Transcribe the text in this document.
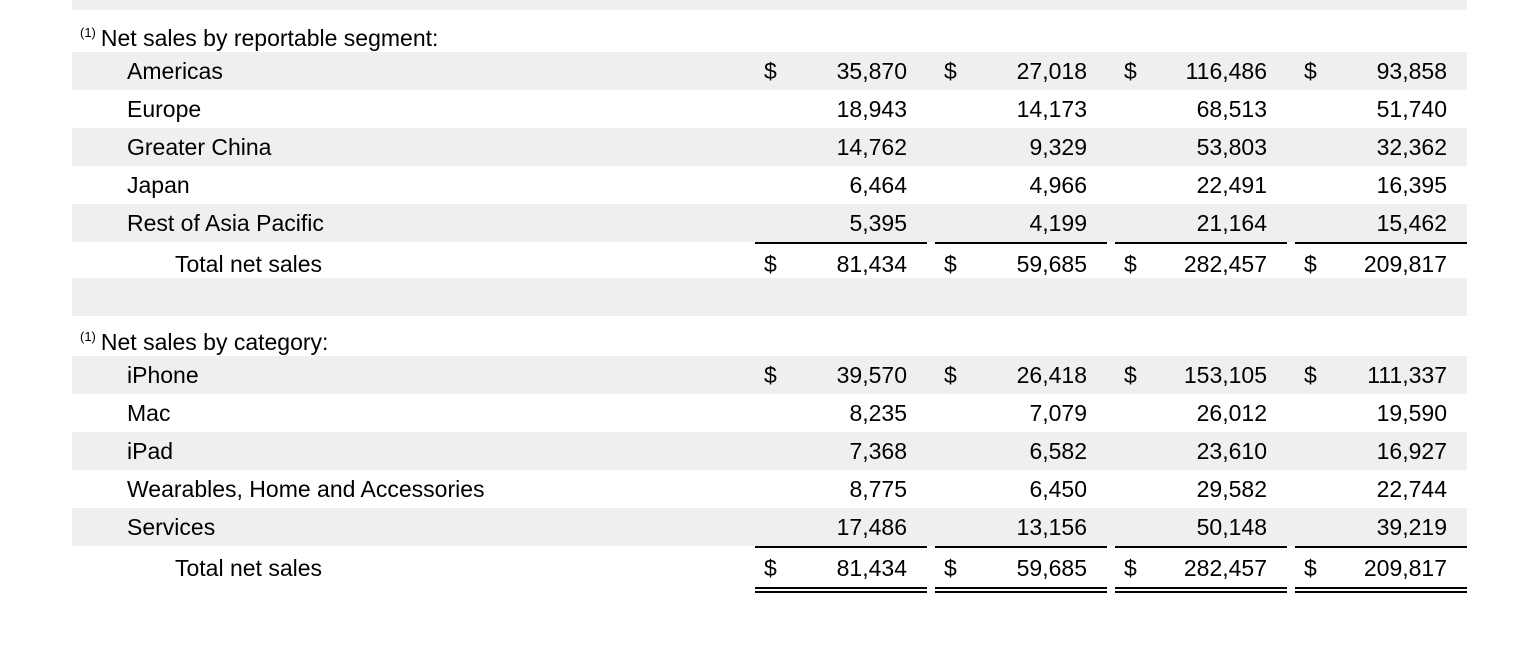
$^{(1)}$ Net sales by reportable segment:
Americas	$	35,870 $	27,018 $	116,486 $	93,858
Europe	18,943	14,173	68,513	51,740
Greater China	14,762	9,329	53,803	32,362
Japan	6,464	4,966	22,491	16,395
Rest of Asia Pacific	5,395	4,199	21,164	15,462
Total net sales	$	81,434 $	59,685 $	282,457 $	209,817
$^{(1)}$ Net sales by category:
iPhone	$	39,570 $	26,418 $	153,105 $	111,337
Mac	8,235	7,079	26,012	19,590
iPad	7,368	6,582	23,610	16,927
Wearables, Home and Accessories	8,775	6,450	29,582	22,744
Services	17,486	13,156	50,148	39,219
Total net sales	$	81,434 $	59,685 $	282,457 $	209,817
